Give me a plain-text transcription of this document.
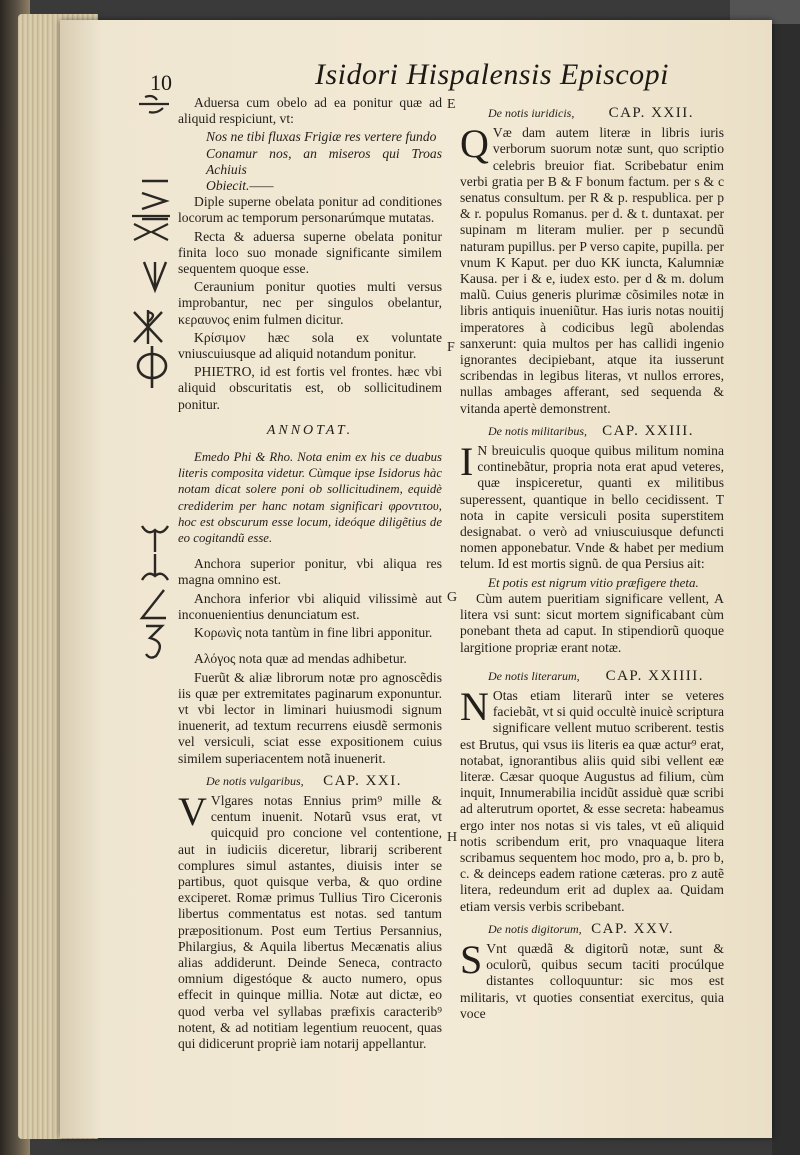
10	Isidori Hispalensis Episcopi
E
F
G
H

Aduersa cum obelo ad ea ponitur quæ ad aliquid respiciunt, vt:

Nos ne tibi fluxas Frigiæ res vertere fundo

Conamur nos, an miseros qui Troas Achiuis

Obiecit.——

Diple superne obelata ponitur ad conditiones locorum ac temporum personarúmque mutatas.

Recta & aduersa superne obelata ponitur finita loco suo monade significante similem sequentem quoque esse.

Ceraunium ponitur quoties multi versus improbantur, nec per singulos obelantur, κεραυνος enim fulmen dicitur.

Κρίσιμον hæc sola ex voluntate vniuscuiusque ad aliquid notandum ponitur.

PHIETRO, id est fortis vel frontes. hæc vbi aliquid obscuritatis est, ob sollicitudinem ponitur.

ANNOTAT.

Emedo Phi & Rho. Nota enim ex his ce duabus literis composita videtur. Cùmque ipse Isidorus hàc notam dicat solere poni ob sollicitudinem, equidè crediderim per hanc notam significari φροντιτου, hoc est obscurum esse locum, ideóque diligẽtius de eo cogitandũ esse.

Anchora superior ponitur, vbi aliqua res magna omnino est.

Anchora inferior vbi aliquid vilissimè aut inconuenientius denunciatum est.

Κορωνìς nota tantùm in fine libri apponitur.

Αλόγος nota quæ ad mendas adhibetur.

Fuerũt & aliæ librorum notæ pro agnoscẽdis iis quæ per extremitates paginarum exponuntur. vt vbi lector in liminari huiusmodi signum inuenerit, ad textum recurrens eiusdẽ sermonis vel versiculi, sciat esse expositionem cuius similem superiacentem notã inuenerit.

De notis vulgaribus, CAP. XXI.

V Vlgares notas Ennius prim⁹ mille & centum inuenit. Notarũ vsus erat, vt quicquid pro concione vel contentione, aut in iudiciis diceretur, librarij scriberent complures simul astantes, diuisis inter se partibus, quot quisque verba, & quo ordine exciperet. Romæ primus Tullius Tiro Ciceronis libertus commentatus est notas. sed tantum præpositionum. Post eum Tertius Persannius, Philargius, & Aquila libertus Mecænatis alius alias addiderunt. Deinde Seneca, contracto omnium digestóque & aucto numero, opus effecit in quinque millia. Notæ aut dictæ, eo quod verba vel syllabas præfixis caracterib⁹ notent, & ad notitiam legentium reuocent, quas qui didicerunt propriè iam notarij appellantur.

De notis iuridicis, CAP. XXII.

Q Væ dam autem literæ in libris iuris verborum suorum notæ sunt, quo scriptio celebris breuior fiat. Scribebatur enim verbi gratia per B & F bonum factum. per s & c senatus consultum. per R & p. respublica. per p & r. populus Romanus. per d. & t. duntaxat. per supinam m literam mulier. per p secundũ naturam pupillus. per P verso capite, pupilla. per vnum K Kaput. per duo KK iuncta, Kalumniæ Kausa. per i & e, iudex esto. per d & m. dolum malũ. Cuius generis plurimæ cõsimiles notæ in libris antiquis inueniũtur. Has iuris notas nouitij imperatores à codicibus legũ abolendas sanxerunt: quia multos per has callidi ingenio ignorantes decipiebant, atque ita iusserunt scribendas in legibus literas, vt nullos errores, nullas ambages afferant, sed sequenda & vitanda apertè demonstrent.

De notis militaribus, CAP. XXIII.

I N breuiculis quoque quibus militum nomina continebãtur, propria nota erat apud veteres, quæ inspiceretur, quanti ex militibus superessent, quantique in bello cecidissent. T nota in capite versiculi posita superstitem designabat. ο verò ad vniuscuiusque defuncti nomen apponebatur. Vnde & habet per medium telum. Id est mortis signũ. de qua Persius ait:

Et potis est nigrum vitio præfigere theta.

Cùm autem pueritiam significare vellent, A litera vsi sunt: sicut mortem significabant cùm ponebant theta ad caput. In stipendiorũ quoque largitione propriæ erant notæ.

De notis literarum, CAP. XXIIII.

N Otas etiam literarũ inter se veteres faciebãt, vt si quid occultè inuicè scriptura significare vellent mutuo scriberent. testis est Brutus, qui vsus iis literis ea quæ actur⁹ erat, notabat, ignorantibus aliis quid sibi vellent eæ literæ. Cæsar quoque Augustus ad filium, cùm inquit, Innumerabilia incidũt assiduè quæ scribi ad alterutrum oportet, & esse secreta: habeamus ergo inter nos notas si vis tales, vt eũ aliquid notis scribendum erit, pro vnaquaque litera scribamus sequentem hoc modo, pro a, b. pro b, c. & deinceps eadem ratione cæteras. pro z autẽ litera, redeundum erit ad duplex aa. Quidam etiam versis verbis scribebant.

De notis digitorum, CAP. XXV.

S Vnt quædã & digitorũ notæ, sunt & oculorũ, quibus secum taciti procúlque distantes colloquuntur: sic mos est militaris, vt quoties consentiat exercitus, quia voce
